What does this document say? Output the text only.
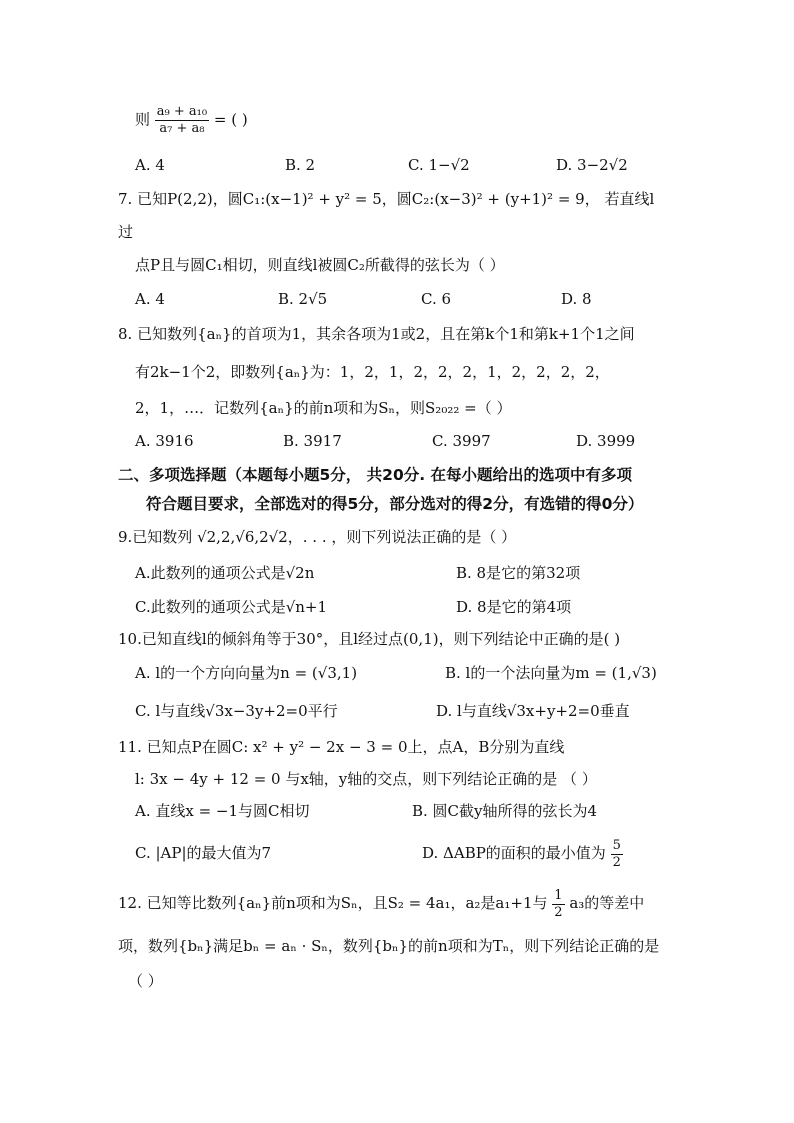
则 $\frac{\text{a₉ + a₁₀}}{\text{a₇ + a₈}}$ = ( )
A. 4	B. 2	C. 1−√2	D. 3−2√2
7. 已知P(2,2)，圆C₁:(x−1)² + y² = 5，圆C₂:(x−3)² + (y+1)² = 9， 若直线l
过
点P且与圆C₁相切，则直线l被圆C₂所截得的弦长为（ ）
A. 4	B. 2√5	C. 6	D. 8
8. 已知数列{aₙ}的首项为1，其余各项为1或2，且在第k个1和第k+1个1之间
有2k−1个2，即数列{aₙ}为：1，2，1，2，2，2，1，2，2，2，2，
2，1，…．记数列{aₙ}的前n项和为Sₙ，则S₂₀₂₂ =（ ）
A. 3916	B. 3917	C. 3997	D. 3999
二、多项选择题（本题每小题5分， 共20分. 在每小题给出的选项中有多项
符合题目要求，全部选对的得5分，部分选对的得2分，有选错的得0分）
9.已知数列 √2,2,√6,2√2，. . . ，则下列说法正确的是（ ）
A.此数列的通项公式是√2n	B. 8是它的第32项
C.此数列的通项公式是√n+1	D. 8是它的第4项
10.已知直线l的倾斜角等于30°，且l经过点(0,1)，则下列结论中正确的是( )
A. l的一个方向向量为n = (√3,1)	B. l的一个法向量为m = (1,√3)
C. l与直线√3x−3y+2=0平行	D. l与直线√3x+y+2=0垂直
11. 已知点P在圆C: x² + y² − 2x − 3 = 0上，点A，B分别为直线
l: 3x − 4y + 12 = 0 与x轴，y轴的交点，则下列结论正确的是 （ ）
A. 直线x = −1与圆C相切	B. 圆C截y轴所得的弦长为4
C. |AP|的最大值为7	D. ΔABP的面积的最小值为 $\frac{5}{2}$
12. 已知等比数列{aₙ}前n项和为Sₙ，且S₂ = 4a₁，a₂是a₁+1与 $\frac{1}{2} a_3$的等差中
项，数列{bₙ}满足bₙ = aₙ · Sₙ，数列{bₙ}的前n项和为Tₙ，则下列结论正确的是
（ ）
